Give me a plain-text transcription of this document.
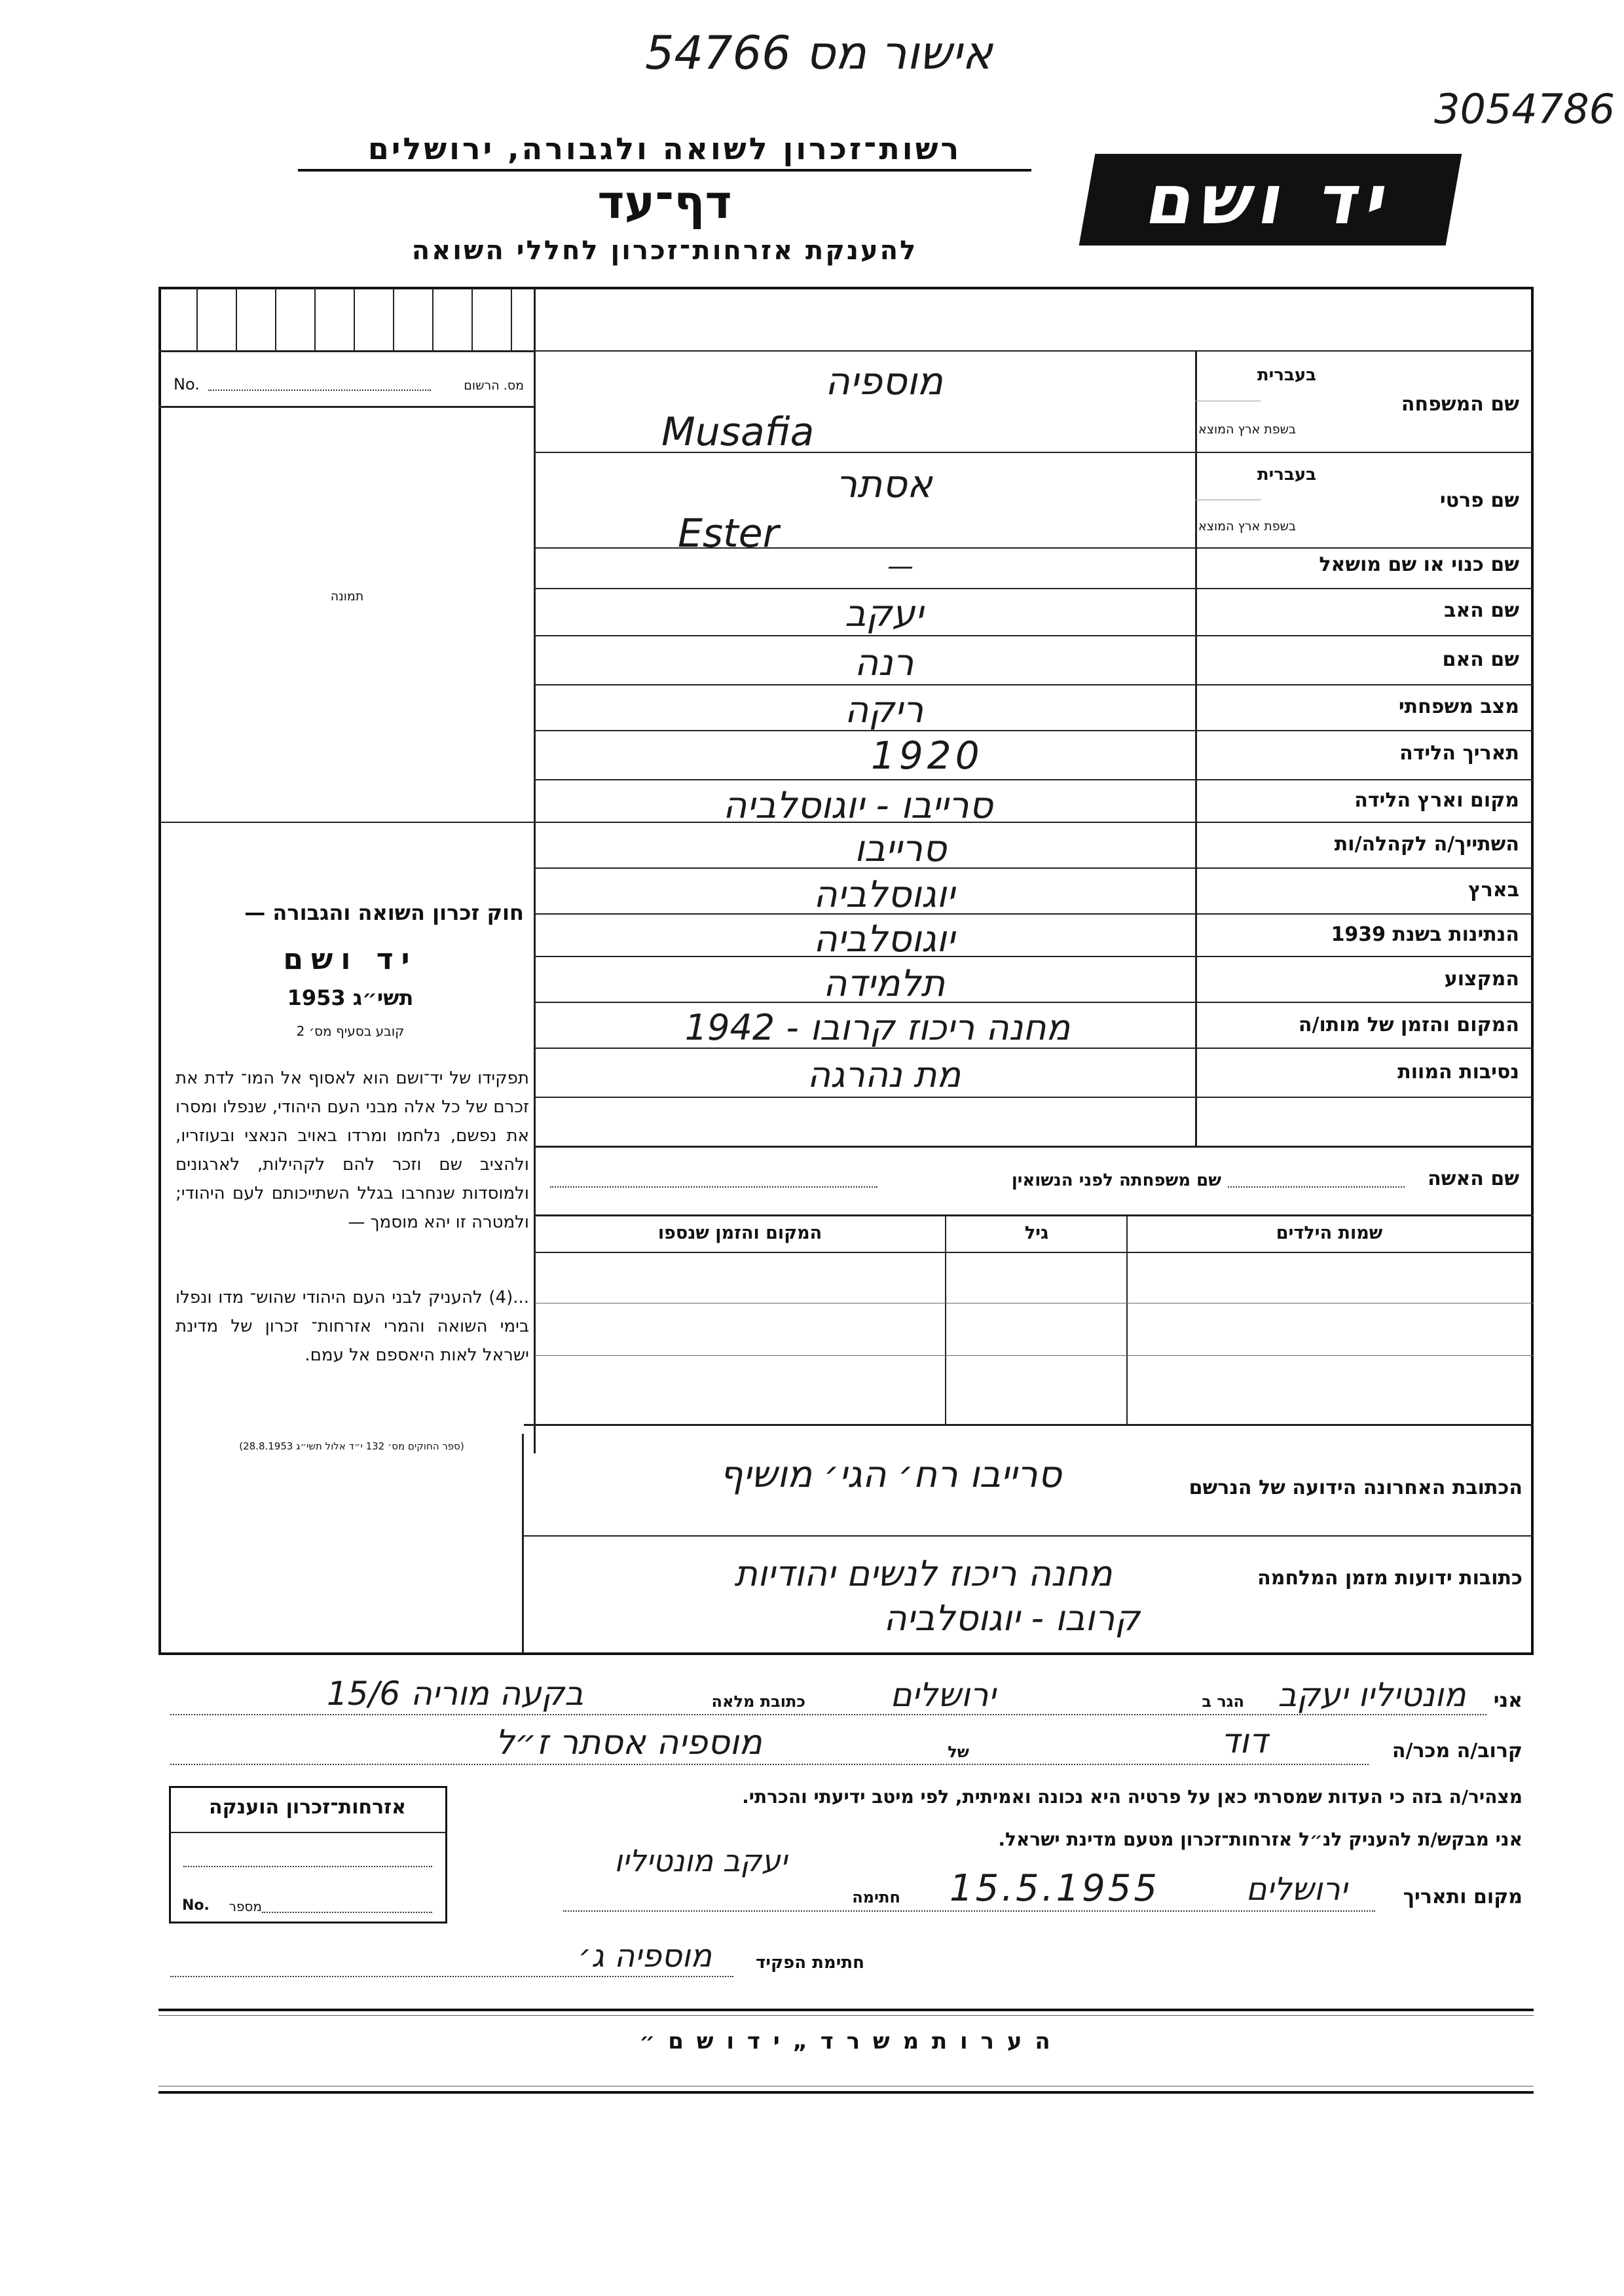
אישור מס 54766
3054786
רשות־זכרון לשואה ולגבורה, ירושלים
דף־עד
להענקת אזרחות־זכרון לחללי השואה
יד ושם
No.	מס. הרשום
תמונה
חוק זכרון השואה והגבורה —
יד ושם
תשי״ג 1953
קובע בסעיף מס׳ 2
תפקידו של יד־ושם הוא לאסוף אל המו־ לדת את זכרם של כל אלה מבני העם היהודי, שנפלו ומסרו את נפשם, נלחמו ומרדו באויב הנאצי ובעוזריו, ולהציב שם וזכר להם לקהילות, לארגונים ולמוסדות שנחרבו בגלל השתייכותם לעם היהודי; ולמטרה זו יהא מוסמך —
...(4) להעניק לבני העם היהודי שהוש־ מדו ונפלו בימי השואה והמרי אזרחות־ זכרון של מדינת ישראל לאות היאספם אל עמם.
(ספר החוקים מס׳ 132 י״ד אלול תשי״ג 28.8.1953)
שם המשפחה
בעברית
בשפת ארץ המוצא
מוספיה
Musafia
שם פרטי
בעברית
בשפת ארץ המוצא
אסתר
Ester
שם כנוי או שם מושאל
—
שם האב
יעקב
שם האם
רנה
מצב משפחתי
ריקה
תאריך הלידה
1920
מקום וארץ הלידה
סרייבו - יוגוסלביה
השתייך/ה לקהלה/ות
סרייבו
בארץ
יוגוסלביה
הנתינות בשנת 1939
יוגוסלביה
המקצוע
תלמידה
המקום והזמן של מותו/ה
מחנה ריכוז קרובו - 1942
נסיבות המוות
מת נהרגה
שם האשה
שם משפחתה לפני הנשואין
שמות הילדים
גיל
המקום והזמן שנספו
הכתובת האחרונה הידועה של הנרשם
סרייבו רח׳ הגי׳ מושיף
כתובות ידועות מזמן המלחמה
מחנה ריכוז לנשים יהודיות
קרובו - יוגוסלביה
אני
מונטיליו יעקב
הגר ב
ירושלים
כתובת מלאה
בקעה מוריה 15/6
קרוב/ה מכר/ה
דוד
של
מוספיה אסתר ז״ל
מצהיר/ה בזה כי העדות שמסרתי כאן על פרטיה היא נכונה ואמיתית, לפי מיטב ידיעתי והכרתי.
אני מבקש/ת להעניק לנ״ל אזרחות־זכרון מטעם מדינת ישראל.
מקום ותאריך
ירושלים
15.5.1955
חתימה
יעקב מונטיליו
חתימת הפקיד
מוספיה ג׳
אזרחות־זכרון הוענקה
No.	מספר
ה ע ר ו ת מ ש ר ד „ י ד ו ש ם ״
